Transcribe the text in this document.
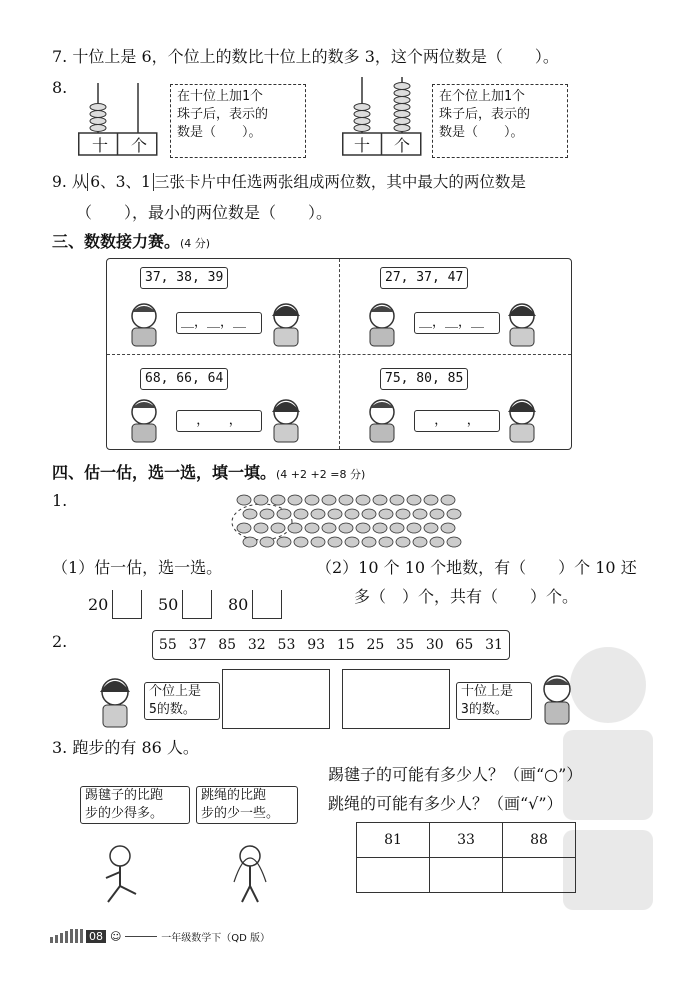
7. 十位上是 6，个位上的数比十位上的数多 3，这个两位数是（　　）。
8.
十 个
在十位上加1个
珠子后，表示的
数是（　　）。
十 个
在个位上加1个
珠子后，表示的
数是（　　）。
9. 从 6、3、1 三张卡片中任选两张组成两位数，其中最大的两位数是
（　　），最小的两位数是（　　）。
三、数数接力赛。(4 分)
37, 38, 39
＿，＿，＿
27, 37, 47
＿，＿，＿
68, 66, 64
，　　，
75, 80, 85
，　　，
四、估一估，选一选，填一填。(4 +2 +2 =8 分)
1.
（1）估一估，选一选。	（2）10 个 10 个地数，有（　　）个 10 还
多（　）个，共有（　　）个。
20	50	80
2.	55 37 85 32 53 93 15 25 35 30 65 31
个位上是
5的数。
十位上是
3的数。
3. 跑步的有 86 人。
踢毽子的可能有多少人？（画“○”）
跳绳的可能有多少人？（画“√”）
踢毽子的比跑
步的少得多。
跳绳的比跑
步的少一些。
81	33	88

08 ☺	一年级数学下（QD 版）
